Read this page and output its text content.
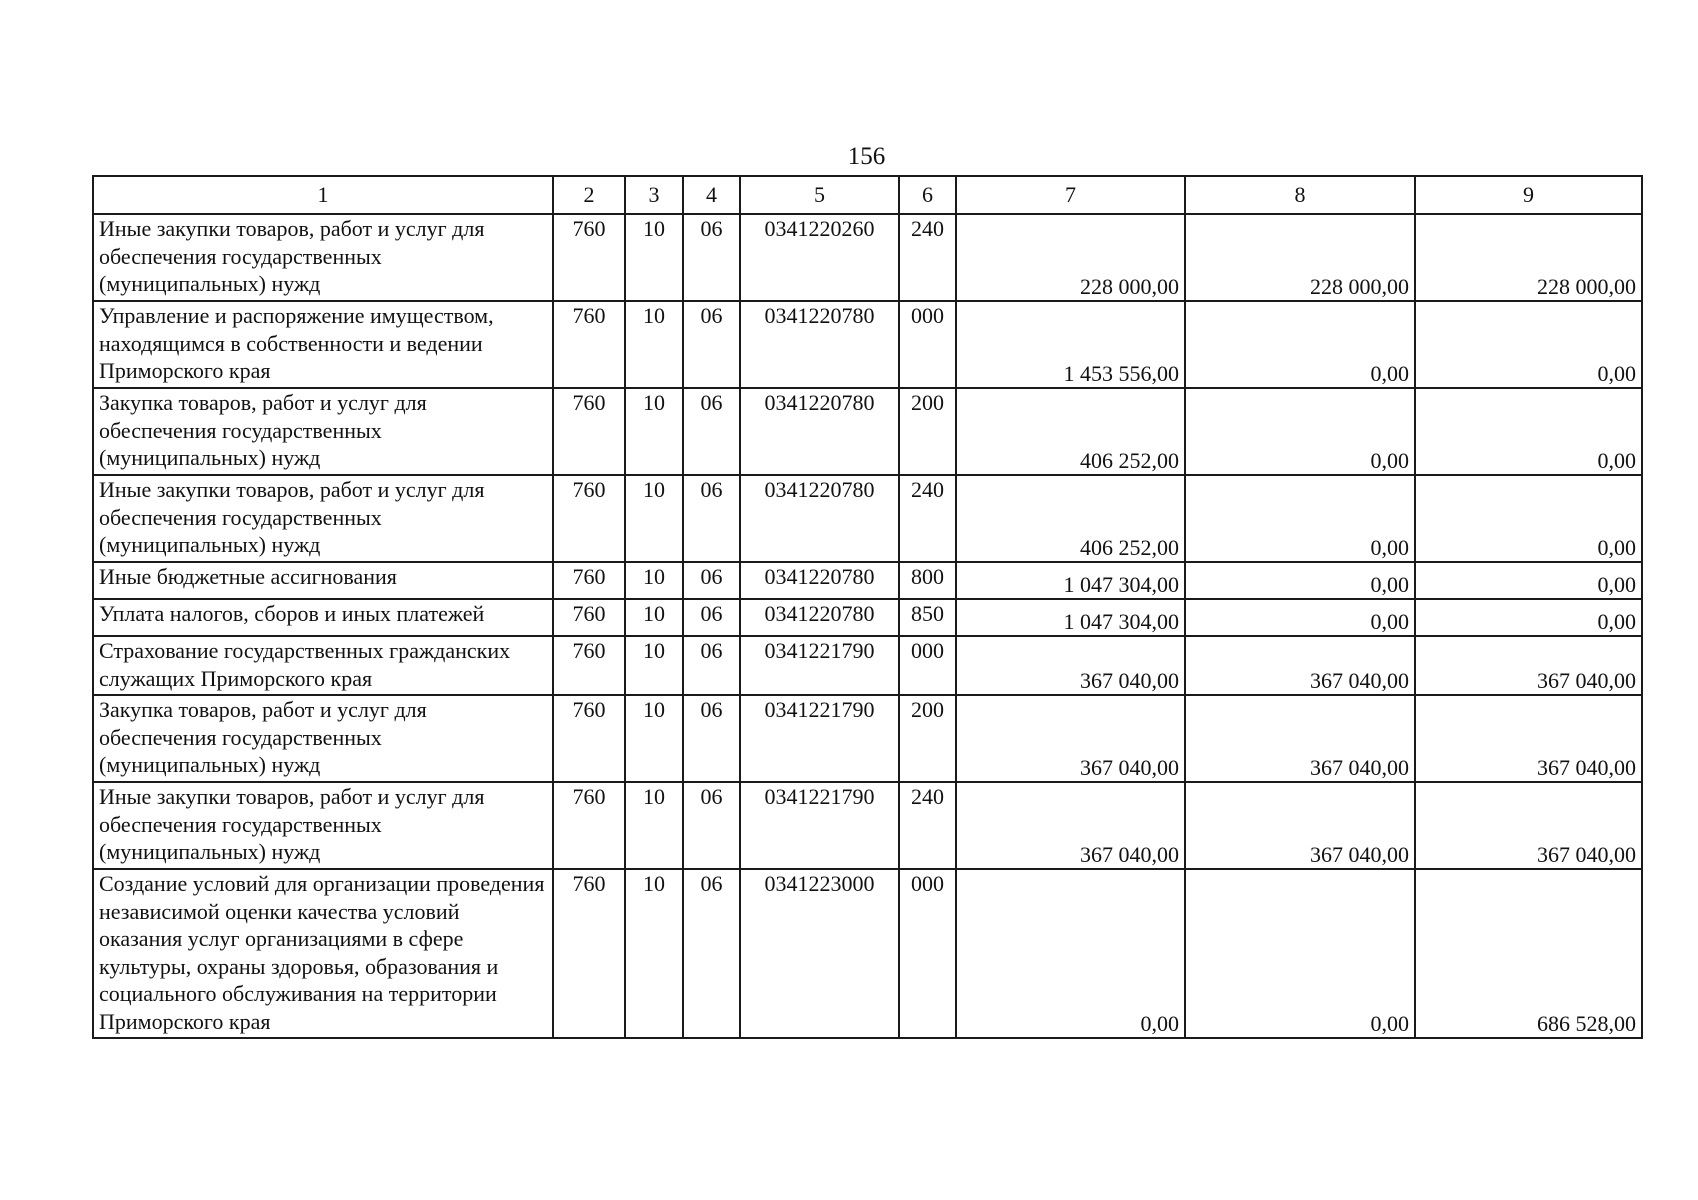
156
1	2	3	4	5	6	7	8	9
Иные закупки товаров, работ и услуг для обеспечения государственных (муниципальных) нужд	760	10	06	0341220260	240	228 000,00	228 000,00	228 000,00
Управление и распоряжение имуществом, находящимся в собственности и ведении Приморского края	760	10	06	0341220780	000	1 453 556,00	0,00	0,00
Закупка товаров, работ и услуг для обеспечения государственных (муниципальных) нужд	760	10	06	0341220780	200	406 252,00	0,00	0,00
Иные закупки товаров, работ и услуг для обеспечения государственных (муниципальных) нужд	760	10	06	0341220780	240	406 252,00	0,00	0,00
Иные бюджетные ассигнования	760	10	06	0341220780	800	1 047 304,00	0,00	0,00
Уплата налогов, сборов и иных платежей	760	10	06	0341220780	850	1 047 304,00	0,00	0,00
Страхование государственных гражданских служащих Приморского края	760	10	06	0341221790	000	367 040,00	367 040,00	367 040,00
Закупка товаров, работ и услуг для обеспечения государственных (муниципальных) нужд	760	10	06	0341221790	200	367 040,00	367 040,00	367 040,00
Иные закупки товаров, работ и услуг для обеспечения государственных (муниципальных) нужд	760	10	06	0341221790	240	367 040,00	367 040,00	367 040,00
Создание условий для организации проведения независимой оценки качества условий оказания услуг организациями в сфере культуры, охраны здоровья, образования и социального обслуживания на территории Приморского края	760	10	06	0341223000	000	0,00	0,00	686 528,00
